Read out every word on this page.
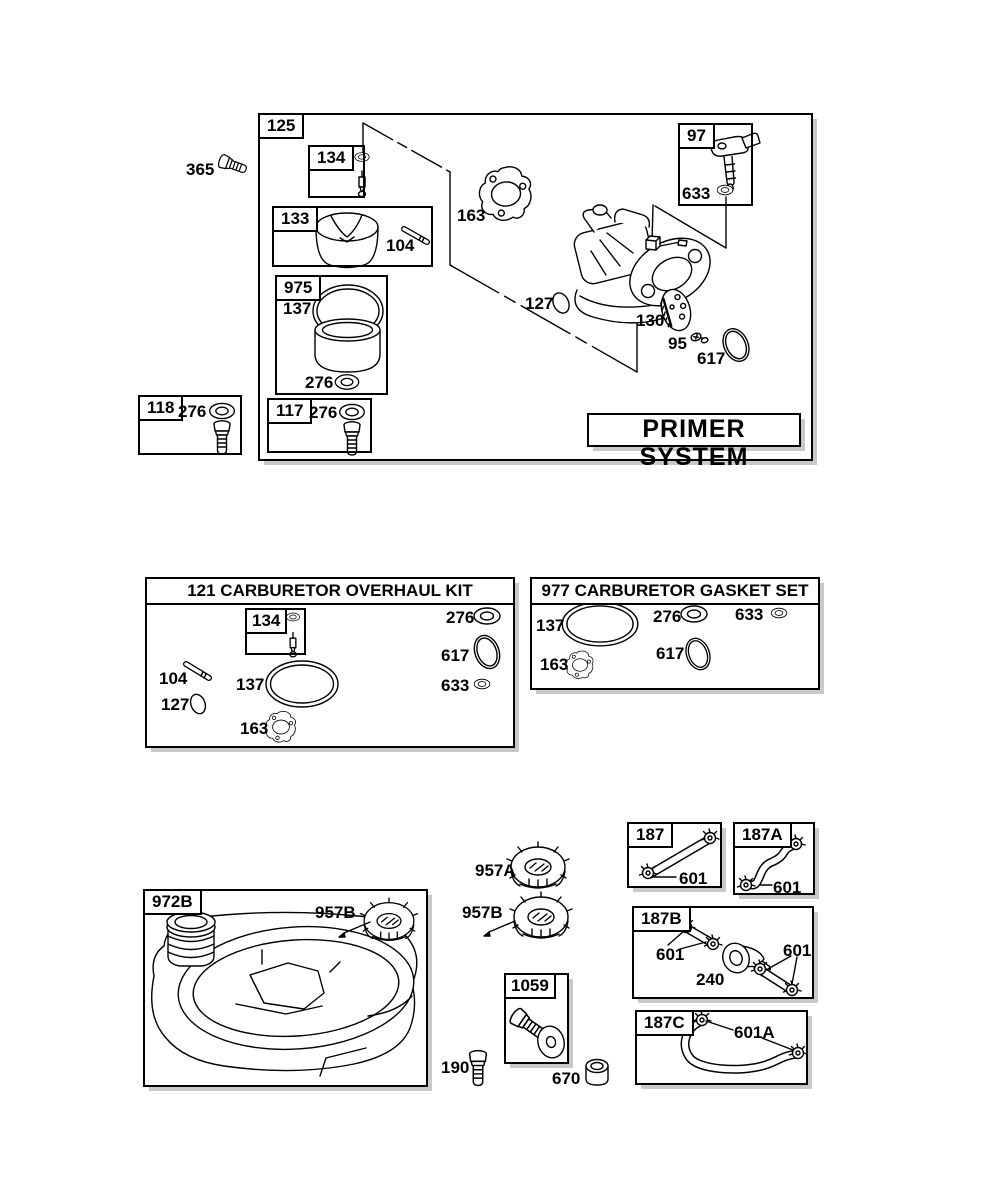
125
365
134
133
104
975
137
276
117 276
118 276
97
633
163
127
130
95
617
PRIMER SYSTEM
121 CARBURETOR OVERHAUL KIT
134
104
127
137
163
276
617
633
977 CARBURETOR GASKET SET
137
163
276
617
633
972B
957B
957A
957B
187
601
187A
601
187B
601	601
240
187C
601A
1059
190
670
